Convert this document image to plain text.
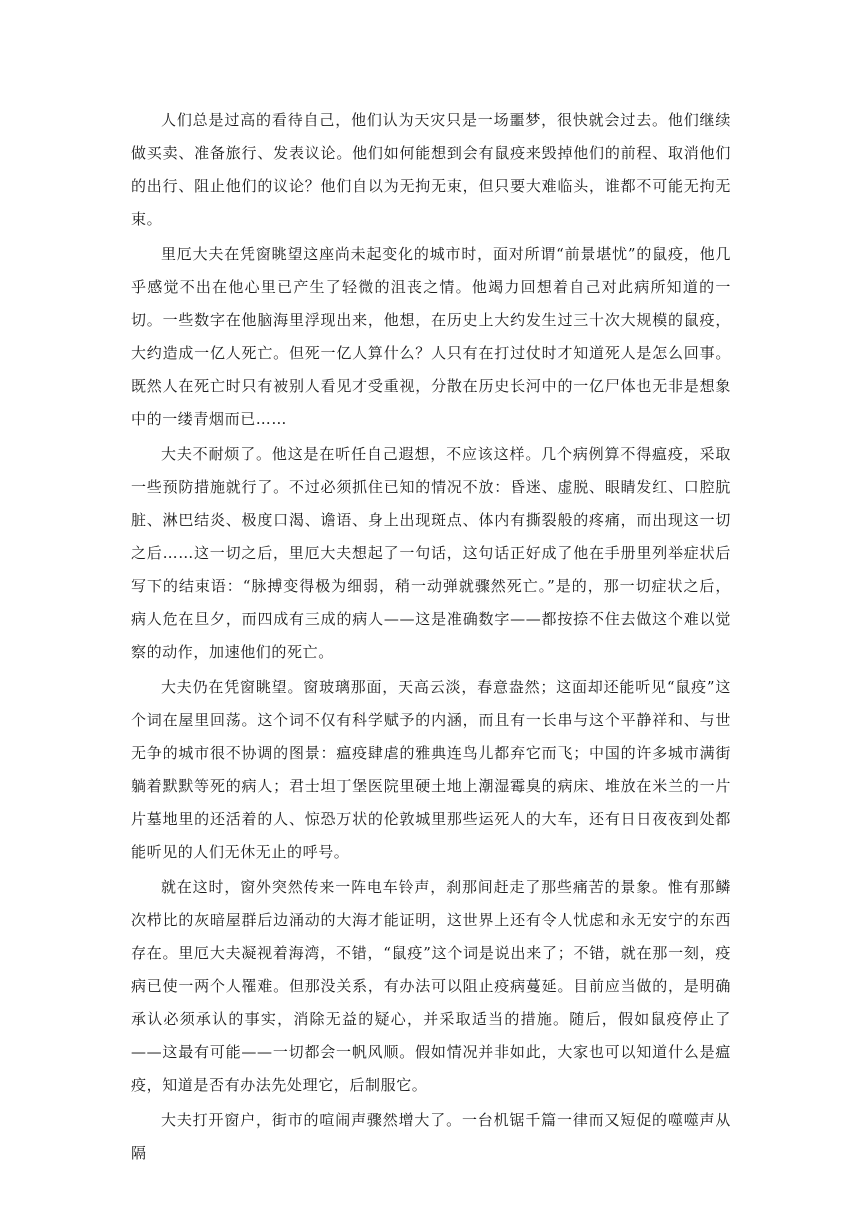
人们总是过高的看待自己，他们认为天灾只是一场噩梦，很快就会过去。他们继续做买卖、准备旅行、发表议论。他们如何能想到会有鼠疫来毁掉他们的前程、取消他们的出行、阻止他们的议论？他们自以为无拘无束，但只要大难临头，谁都不可能无拘无束。

里厄大夫在凭窗眺望这座尚未起变化的城市时，面对所谓“前景堪忧”的鼠疫，他几乎感觉不出在他心里已产生了轻微的沮丧之情。他竭力回想着自己对此病所知道的一切。一些数字在他脑海里浮现出来，他想，在历史上大约发生过三十次大规模的鼠疫，大约造成一亿人死亡。但死一亿人算什么？人只有在打过仗时才知道死人是怎么回事。既然人在死亡时只有被别人看见才受重视，分散在历史长河中的一亿尸体也无非是想象中的一缕青烟而已……

大夫不耐烦了。他这是在听任自己遐想，不应该这样。几个病例算不得瘟疫，采取一些预防措施就行了。不过必须抓住已知的情况不放：昏迷、虚脱、眼睛发红、口腔肮脏、淋巴结炎、极度口渴、谵语、身上出现斑点、体内有撕裂般的疼痛，而出现这一切之后……这一切之后，里厄大夫想起了一句话，这句话正好成了他在手册里列举症状后写下的结束语：“脉搏变得极为细弱，稍一动弹就骤然死亡。”是的，那一切症状之后，病人危在旦夕，而四成有三成的病人——这是准确数字——都按捺不住去做这个难以觉察的动作，加速他们的死亡。

大夫仍在凭窗眺望。窗玻璃那面，天高云淡，春意盎然；这面却还能听见“鼠疫”这个词在屋里回荡。这个词不仅有科学赋予的内涵，而且有一长串与这个平静祥和、与世无争的城市很不协调的图景：瘟疫肆虐的雅典连鸟儿都弃它而飞；中国的许多城市满街躺着默默等死的病人；君士坦丁堡医院里硬土地上潮湿霉臭的病床、堆放在米兰的一片片墓地里的还活着的人、惊恐万状的伦敦城里那些运死人的大车，还有日日夜夜到处都能听见的人们无休无止的呼号。

就在这时，窗外突然传来一阵电车铃声，刹那间赶走了那些痛苦的景象。惟有那鳞次栉比的灰暗屋群后边涌动的大海才能证明，这世界上还有令人忧虑和永无安宁的东西存在。里厄大夫凝视着海湾，不错，“鼠疫”这个词是说出来了；不错，就在那一刻，疫病已使一两个人罹难。但那没关系，有办法可以阻止疫病蔓延。目前应当做的，是明确承认必须承认的事实，消除无益的疑心，并采取适当的措施。随后，假如鼠疫停止了——这最有可能——一切都会一帆风顺。假如情况并非如此，大家也可以知道什么是瘟疫，知道是否有办法先处理它，后制服它。

大夫打开窗户，街市的喧闹声骤然增大了。一台机锯千篇一律而又短促的噬噬声从隔
